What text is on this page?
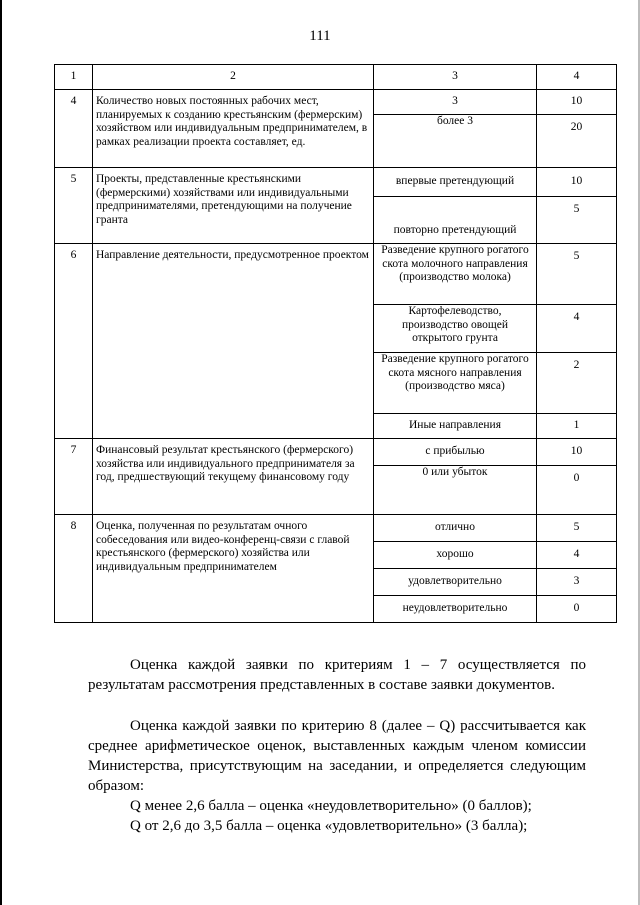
111
1	2	3	4
4	Количество новых постоянных рабочих мест, планируемых к созданию крестьянским (фермерским) хозяйством или индивидуальным предпринимателем, в рамках реализации проекта составляет, ед.	3	10
		более 3	20
5	Проекты, представленные крестьянскими (фермерскими) хозяйствами или индивидуальными предпринимателями, претендующими на получение гранта	впервые претендующий	10
		повторно претендующий	5
6	Направление деятельности, предусмотренное проектом	Разведение крупного рогатого скота молочного направления (производство молока)	5
		Картофелеводство, производство овощей открытого грунта	4
		Разведение крупного рогатого скота мясного направления (производство мяса)	2
		Иные направления	1
7	Финансовый результат крестьянского (фермерского) хозяйства или индивидуального предпринимателя за год, предшествующий текущему финансовому году	с прибылью	10
		0 или убыток	0
8	Оценка, полученная по результатам очного собеседования или видео-конференц-связи с главой крестьянского (фермерского) хозяйства или индивидуальным предпринимателем	отлично	5
		хорошо	4
		удовлетворительно	3
		неудовлетворительно	0
Оценка каждой заявки по критериям 1 – 7 осуществляется по результатам рассмотрения представленных в составе заявки документов.
Оценка каждой заявки по критерию 8 (далее – Q) рассчитывается как среднее арифметическое оценок, выставленных каждым членом комиссии Министерства, присутствующим на заседании, и определяется следующим образом:
Q менее 2,6 балла – оценка «неудовлетворительно» (0 баллов);
Q от 2,6 до 3,5 балла – оценка «удовлетворительно» (3 балла);
